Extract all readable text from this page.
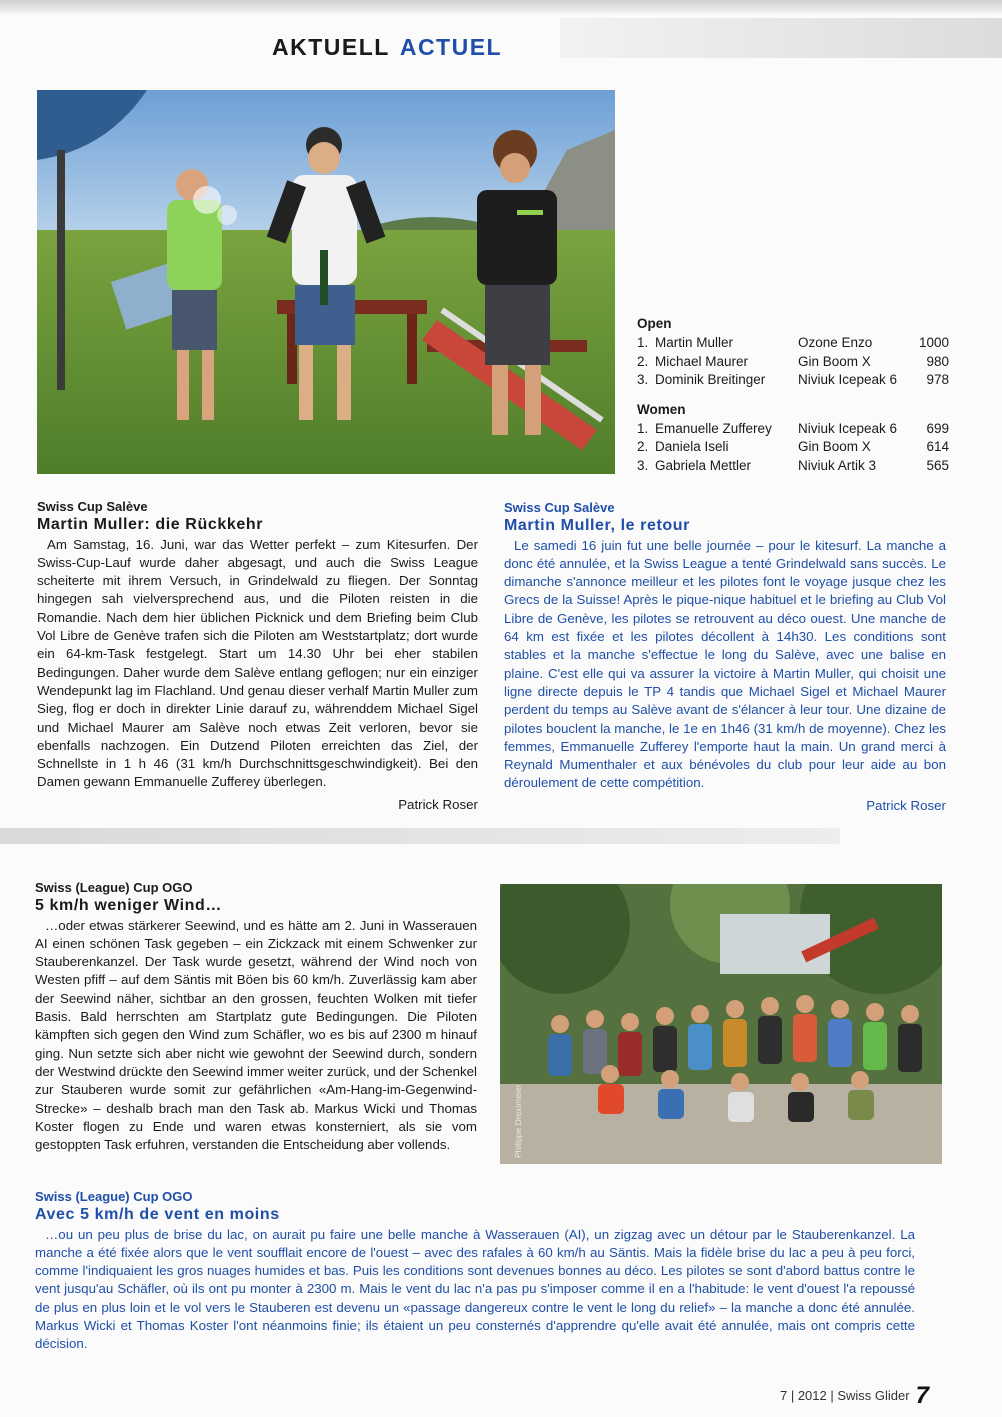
AKTUELL ACTUEL
Open
1. Martin Muller	Ozone Enzo	1000
2. Michael Maurer	Gin Boom X	980
3. Dominik Breitinger	Niviuk Icepeak 6	978
Women
1. Emanuelle Zufferey	Niviuk Icepeak 6	699
2. Daniela Iseli	Gin Boom X	614
3. Gabriela Mettler	Niviuk Artik 3	565

Swiss Cup Salève

Martin Muller: die Rückkehr

Am Samstag, 16. Juni, war das Wetter perfekt – zum Kitesurfen. Der Swiss-Cup-Lauf wurde daher abgesagt, und auch die Swiss League scheiterte mit ihrem Versuch, in Grindelwald zu fliegen. Der Sonntag hingegen sah vielversprechend aus, und die Piloten reisten in die Romandie. Nach dem hier üblichen Picknick und dem Briefing beim Club Vol Libre de Genève trafen sich die Piloten am Weststartplatz; dort wurde ein 64-km-Task festgelegt. Start um 14.30 Uhr bei eher stabilen Bedingungen. Daher wurde dem Salève entlang geflogen; nur ein einziger Wendepunkt lag im Flachland. Und genau dieser verhalf Martin Muller zum Sieg, flog er doch in direkter Linie darauf zu, währenddem Michael Sigel und Michael Maurer am Salève noch etwas Zeit verloren, bevor sie ebenfalls nachzogen. Ein Dutzend Piloten erreichten das Ziel, der Schnellste in 1 h 46 (31 km/h Durchschnittsgeschwindigkeit). Bei den Damen gewann Emmanuelle Zufferey überlegen.

Patrick Roser

Swiss Cup Salève

Martin Muller, le retour

Le samedi 16 juin fut une belle journée – pour le kitesurf. La manche a donc été annulée, et la Swiss League a tenté Grindelwald sans succès. Le dimanche s'annonce meilleur et les pilotes font le voyage jusque chez les Grecs de la Suisse! Après le pique-nique habituel et le briefing au Club Vol Libre de Genève, les pilotes se retrouvent au déco ouest. Une manche de 64 km est fixée et les pilotes décollent à 14h30. Les conditions sont stables et la manche s'effectue le long du Salève, avec une balise en plaine. C'est elle qui va assurer la victoire à Martin Muller, qui choisit une ligne directe depuis le TP 4 tandis que Michael Sigel et Michael Maurer perdent du temps au Salève avant de s'élancer à leur tour. Une dizaine de pilotes bouclent la manche, le 1e en 1h46 (31 km/h de moyenne). Chez les femmes, Emmanuelle Zufferey l'emporte haut la main. Un grand merci à Reynald Mumenthaler et aux bénévoles du club pour leur aide au bon déroulement de cette compétition.

Patrick Roser

Swiss (League) Cup OGO

5 km/h weniger Wind…

…oder etwas stärkerer Seewind, und es hätte am 2. Juni in Wasserauen AI einen schönen Task gegeben – ein Zickzack mit einem Schwenker zur Stauberenkanzel. Der Task wurde gesetzt, während der Wind noch von Westen pfiff – auf dem Säntis mit Böen bis 60 km/h. Zuverlässig kam aber der Seewind näher, sichtbar an den grossen, feuchten Wolken mit tiefer Basis. Bald herrschten am Startplatz gute Bedingungen. Die Piloten kämpften sich gegen den Wind zum Schäfler, wo es bis auf 2300 m hinauf ging. Nun setzte sich aber nicht wie gewohnt der Seewind durch, sondern der Westwind drückte den Seewind immer weiter zurück, und der Schenkel zur Stauberen wurde somit zur gefährlichen «Am-Hang-im-Gegenwind-Strecke» – deshalb brach man den Task ab. Markus Wicki und Thomas Koster flogen zu Ende und waren etwas konsterniert, als sie vom gestoppten Task erfuhren, verstanden die Entscheidung aber vollends.	Philippe Dreximeier

Swiss (League) Cup OGO

Avec 5 km/h de vent en moins

…ou un peu plus de brise du lac, on aurait pu faire une belle manche à Wasserauen (AI), un zigzag avec un détour par le Stauberenkanzel. La manche a été fixée alors que le vent soufflait encore de l'ouest – avec des rafales à 60 km/h au Säntis. Mais la fidèle brise du lac a peu à peu forci, comme l'indiquaient les gros nuages humides et bas. Puis les conditions sont devenues bonnes au déco. Les pilotes se sont d'abord battus contre le vent jusqu'au Schäfler, où ils ont pu monter à 2300 m. Mais le vent du lac n'a pas pu s'imposer comme il en a l'habitude: le vent d'ouest l'a repoussé de plus en plus loin et le vol vers le Stauberen est devenu un «passage dangereux contre le vent le long du relief» – la manche a donc été annulée. Markus Wicki et Thomas Koster l'ont néanmoins finie; ils étaient un peu consternés d'apprendre qu'elle avait été annulée, mais ont compris cette décision.

7 | 2012 | Swiss Glider 7
